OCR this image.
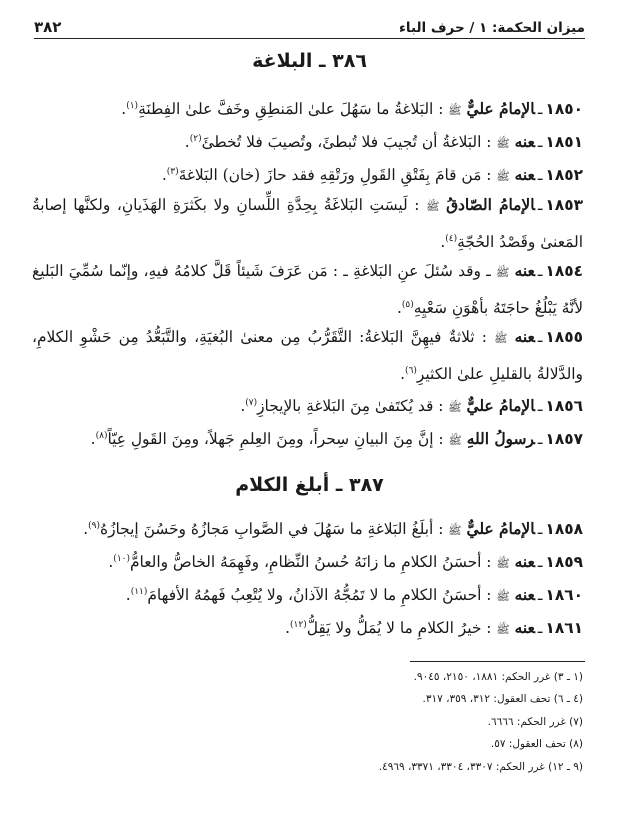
ميزان الحكمة: ١ / حرف الباء
٣٨٢
٣٨٦ ـ البلاغة
١٨٥٠ـالإمامُ عليٌّ ﷺ : البَلاغةُ ما سَهُلَ علىٰ المَنطِقِ وخَفَّ علىٰ الفِطنَةِ$^{(١)}$.
١٨٥١ـعنه ﷺ : البَلاغةُ أن تُجيبَ فلا تُبطئَ، وتُصيبَ فلا تُخطئَ$^{(٢)}$.
١٨٥٢ـعنه ﷺ : مَن قامَ بِفَتْقِ القَولِ ورَتْقِهِ فقد حازَ (خان) البَلاغةَ$^{(٣)}$.
١٨٥٣ـالإمامُ الصّادقُ ﷺ : لَيسَتِ البَلاغَةُ بِحِدَّةِ اللِّسانِ ولا بكَثرَةِ الهَذَيانِ، ولكنَّها إصابةُ المَعنىٰ وقَصْدُ الحُجّةِ$^{(٤)}$.
١٨٥٤ـعنه ﷺ ـ وقد سُئلَ عنِ البَلاغةِ ـ : مَن عَرَفَ شَيئاً قَلَّ كلامُهُ فيهِ، وإنّما سُمِّيَ البَليغ لأنَّهُ يَبْلُغُ حاجَتَهُ بأهْوَنِ سَعْيِهِ$^{(٥)}$.
١٨٥٥ـعنه ﷺ : ثلاثةٌ فيهِنَّ البَلاغةُ: التَّقَرُّبُ مِن معنىٰ البُغيَةِ، والتَّبَعُّدُ مِن حَشْوِ الكلامِ، والدَّلالةُ بالقليلِ علىٰ الكثيرِ$^{(٦)}$.
١٨٥٦ـالإمامُ عليٌّ ﷺ : قد يُكتَفىٰ مِنَ البَلاغةِ بالإيجازِ$^{(٧)}$.
١٨٥٧ـرسولُ اللهِ ﷺ : إنَّ مِنَ البيانِ سِحراً، ومِنَ العِلمِ جَهلاً، ومِنَ القَولِ عِيّاً$^{(٨)}$.
٣٨٧ ـ أبلغ الكلام
١٨٥٨ـالإمامُ عليٌّ ﷺ : أبلَغُ البَلاغةِ ما سَهُلَ في الصَّوابِ مَجازُهُ وحَسُنَ إيجازُهُ$^{(٩)}$.
١٨٥٩ـعنه ﷺ : أحسَنُ الكلامِ ما زانَهُ حُسنُ النِّظامِ، وفَهِمَهُ الخاصُّ والعامُّ$^{(١٠)}$.
١٨٦٠ـعنه ﷺ : أحسَنُ الكلامِ ما لا تَمُجُّهُ الآذانُ، ولا يُتْعِبُ فَهمُهُ الأفهامَ$^{(١١)}$.
١٨٦١ـعنه ﷺ : خيرُ الكلامِ ما لا يُمَلُّ ولا يَقِلُّ$^{(١٢)}$.
(١ ـ ٣) غرر الحكم: ١٨٨١، ٢١٥٠، ٩٠٤٥.
(٤ ـ ٦) تحف العقول: ٣١٢، ٣٥٩، ٣١٧.
(٧) غرر الحكم: ٦٦٦٦.
(٨) تحف العقول: ٥٧.
(٩ ـ ١٢) غرر الحكم: ٣٣٠٧، ٣٣٠٤، ٣٣٧١، ٤٩٦٩.
